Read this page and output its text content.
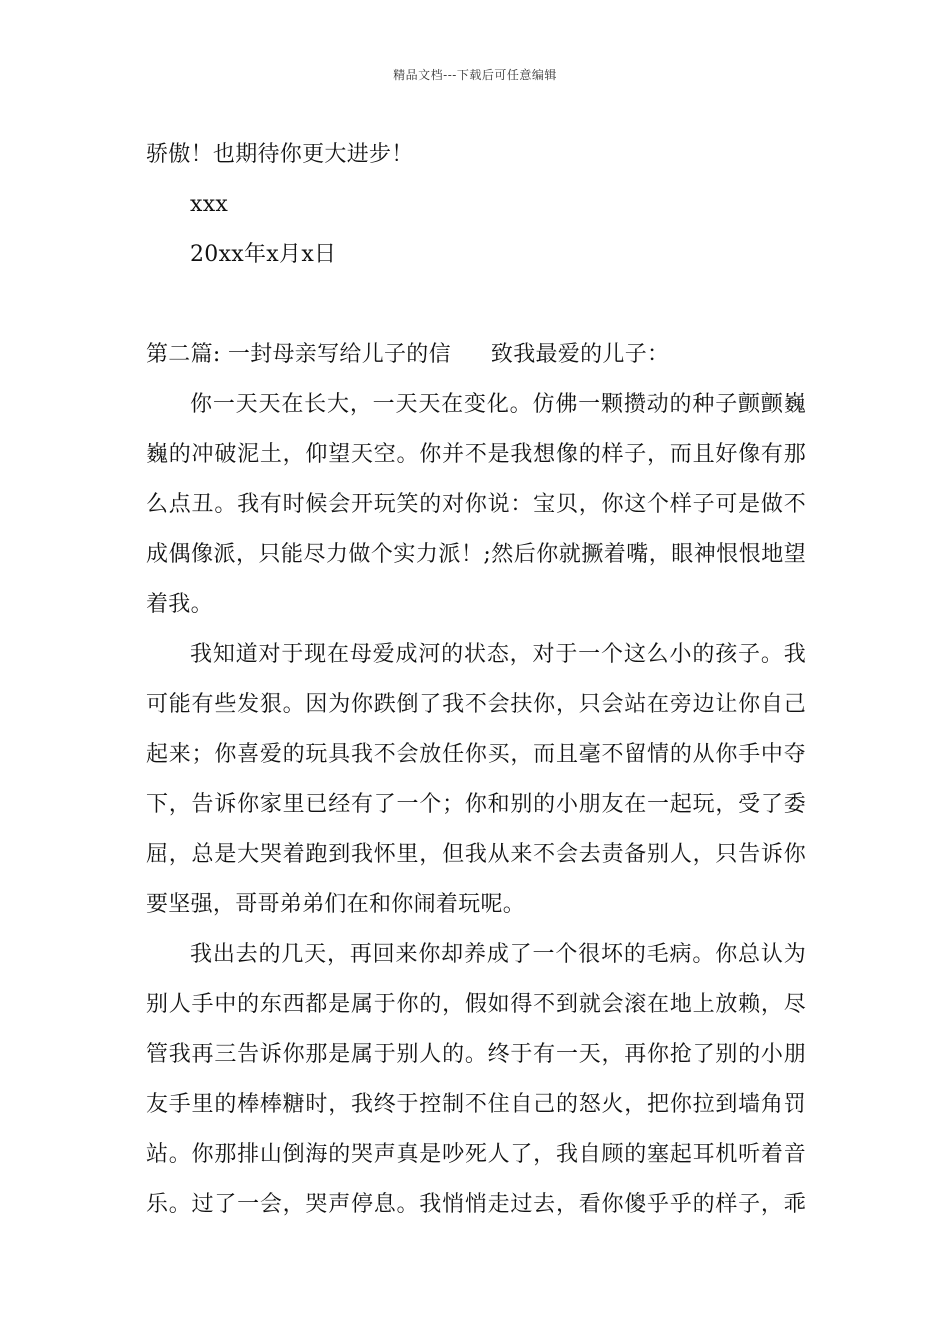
精品文档---下载后可任意编辑
骄傲！也期待你更大进步！
xxx
20xx年x月x日
第二篇: 一封母亲写给儿子的信 致我最爱的儿子：
你一天天在长大，一天天在变化。仿佛一颗攒动的种子颤颤巍
巍的冲破泥土，仰望天空。你并不是我想像的样子，而且好像有那
么点丑。我有时候会开玩笑的对你说：宝贝，你这个样子可是做不
成偶像派，只能尽力做个实力派！;然后你就撅着嘴，眼神恨恨地望
着我。
我知道对于现在母爱成河的状态，对于一个这么小的孩子。我
可能有些发狠。因为你跌倒了我不会扶你，只会站在旁边让你自己
起来；你喜爱的玩具我不会放任你买，而且毫不留情的从你手中夺
下，告诉你家里已经有了一个；你和别的小朋友在一起玩，受了委
屈，总是大哭着跑到我怀里，但我从来不会去责备别人，只告诉你
要坚强，哥哥弟弟们在和你闹着玩呢。
我出去的几天，再回来你却养成了一个很坏的毛病。你总认为
别人手中的东西都是属于你的，假如得不到就会滚在地上放赖，尽
管我再三告诉你那是属于别人的。终于有一天，再你抢了别的小朋
友手里的棒棒糖时，我终于控制不住自己的怒火，把你拉到墙角罚
站。你那排山倒海的哭声真是吵死人了，我自顾的塞起耳机听着音
乐。过了一会，哭声停息。我悄悄走过去，看你傻乎乎的样子，乖
